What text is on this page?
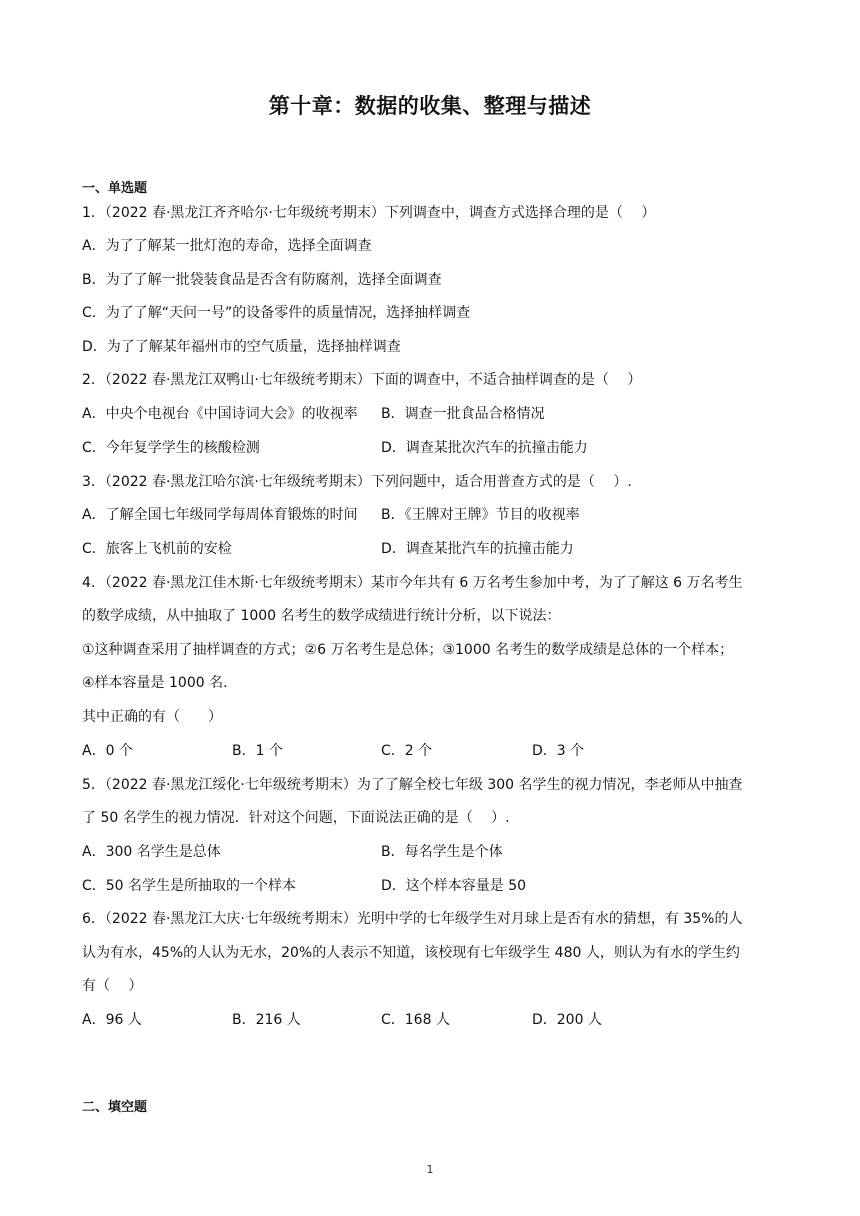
第十章：数据的收集、整理与描述
一、单选题
1．（2022 春·黑龙江齐齐哈尔·七年级统考期末）下列调查中，调查方式选择合理的是（　 ）
A．为了了解某一批灯泡的寿命，选择全面调查
B．为了了解一批袋装食品是否含有防腐剂，选择全面调查
C．为了了解“天问一号”的设备零件的质量情况，选择抽样调查
D．为了了解某年福州市的空气质量，选择抽样调查
2．（2022 春·黑龙江双鸭山·七年级统考期末）下面的调查中，不适合抽样调查的是（　 ）
A．中央个电视台《中国诗词大会》的收视率 B．调查一批食品合格情况
C．今年复学学生的核酸检测	D．调查某批次汽车的抗撞击能力
3．（2022 春·黑龙江哈尔滨·七年级统考期末）下列问题中，适合用普查方式的是（　 ）.
A．了解全国七年级同学每周体育锻炼的时间 B．《王牌对王牌》节目的收视率
C．旅客上飞机前的安检	D．调查某批汽车的抗撞击能力
4．（2022 春·黑龙江佳木斯·七年级统考期末）某市今年共有 6 万名考生参加中考，为了了解这 6 万名考生
的数学成绩，从中抽取了 1000 名考生的数学成绩进行统计分析，以下说法：
①这种调查采用了抽样调查的方式；②6 万名考生是总体；③1000 名考生的数学成绩是总体的一个样本；
④样本容量是 1000 名．
其中正确的有（　　）
A．0 个	B．1 个	C．2 个	D．3 个
5．（2022 春·黑龙江绥化·七年级统考期末）为了了解全校七年级 300 名学生的视力情况，李老师从中抽查
了 50 名学生的视力情况．针对这个问题，下面说法正确的是（　 ）.
A．300 名学生是总体	B．每名学生是个体
C．50 名学生是所抽取的一个样本	D．这个样本容量是 50
6．（2022 春·黑龙江大庆·七年级统考期末）光明中学的七年级学生对月球上是否有水的猜想，有 35%的人
认为有水，45%的人认为无水，20%的人表示不知道，该校现有七年级学生 480 人，则认为有水的学生约
有（　 ）
A．96 人	B．216 人	C．168 人	D．200 人
二、填空题
1
